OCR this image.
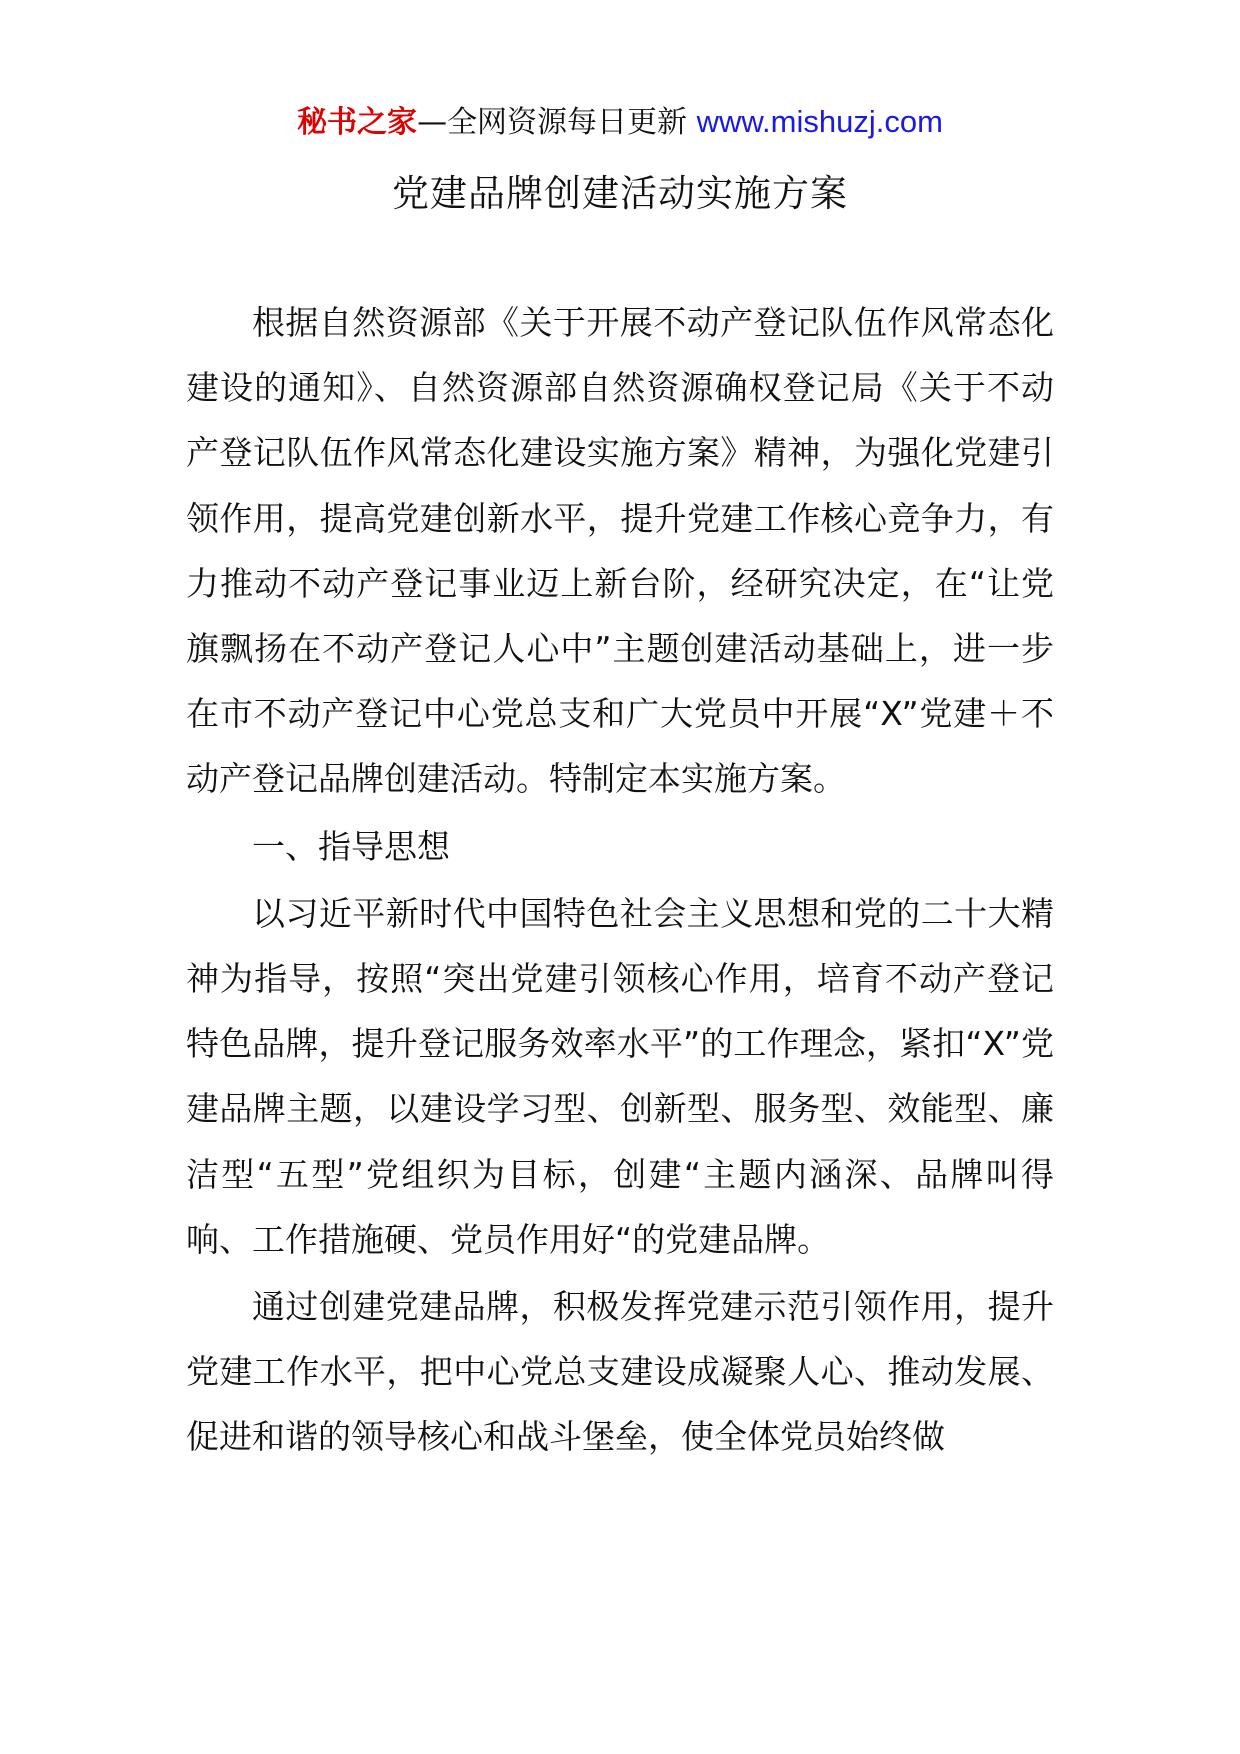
秘书之家—全网资源每日更新 www.mishuzj.com
党建品牌创建活动实施方案

根据自然资源部《关于开展不动产登记队伍作风常态化建设的通知》、自然资源部自然资源确权登记局《关于不动产登记队伍作风常态化建设实施方案》精神，为强化党建引领作用，提高党建创新水平，提升党建工作核心竞争力，有力推动不动产登记事业迈上新台阶，经研究决定，在“让党旗飘扬在不动产登记人心中”主题创建活动基础上，进一步在市不动产登记中心党总支和广大党员中开展“X”党建＋不动产登记品牌创建活动。特制定本实施方案。

一、指导思想

以习近平新时代中国特色社会主义思想和党的二十大精神为指导，按照“突出党建引领核心作用，培育不动产登记特色品牌，提升登记服务效率水平”的工作理念，紧扣“X”党建品牌主题，以建设学习型、创新型、服务型、效能型、廉洁型“五型”党组织为目标，创建“主题内涵深、品牌叫得响、工作措施硬、党员作用好“的党建品牌。

通过创建党建品牌，积极发挥党建示范引领作用，提升党建工作水平，把中心党总支建设成凝聚人心、推动发展、促进和谐的领导核心和战斗堡垒，使全体党员始终做
